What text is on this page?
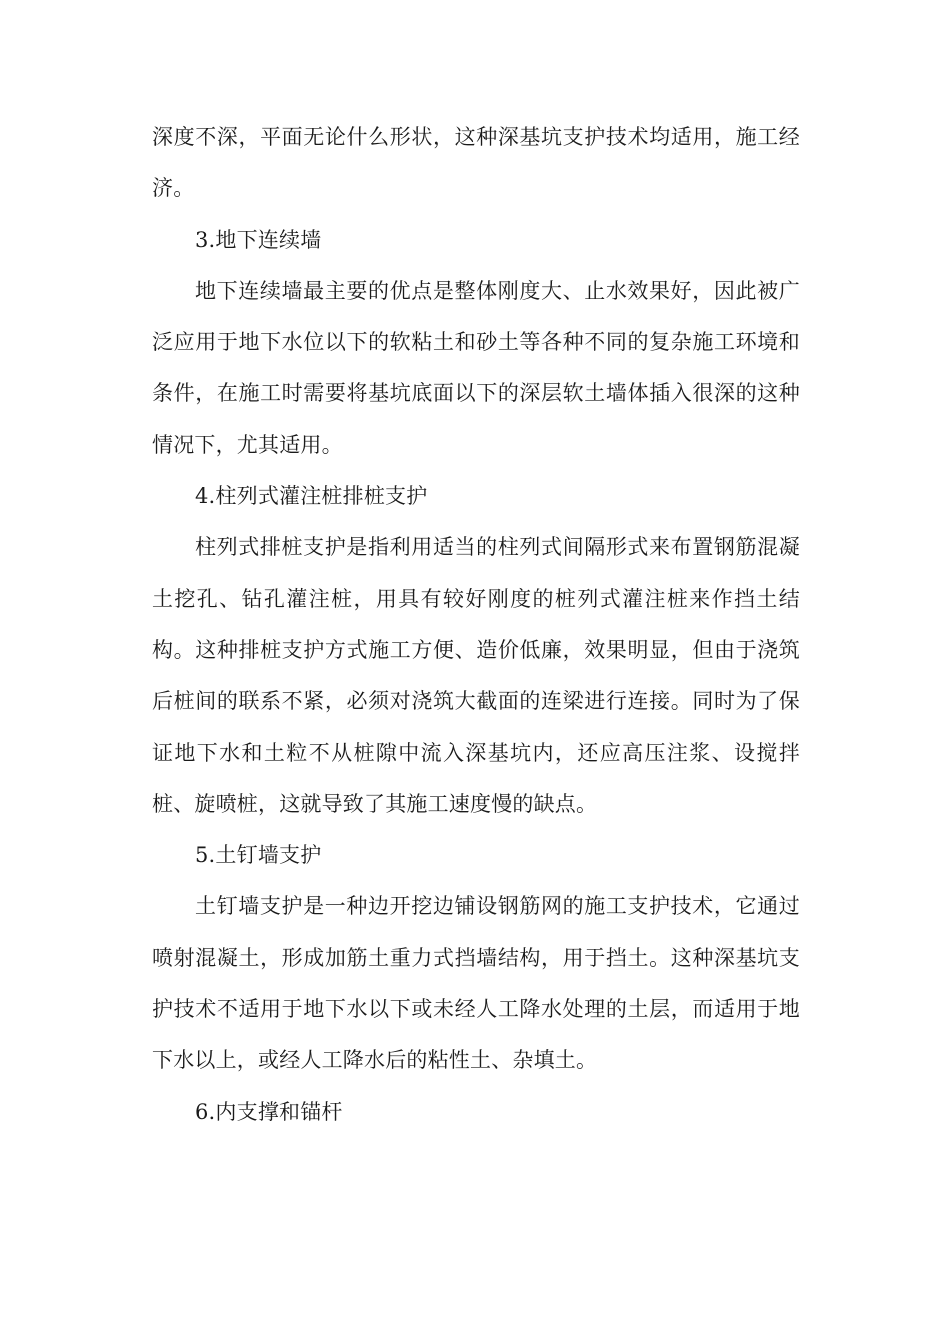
深度不深，平面无论什么形状，这种深基坑支护技术均适用，施工经济。

3.地下连续墙

地下连续墙最主要的优点是整体刚度大、止水效果好，因此被广泛应用于地下水位以下的软粘土和砂土等各种不同的复杂施工环境和条件，在施工时需要将基坑底面以下的深层软土墙体插入很深的这种情况下，尤其适用。

4.柱列式灌注桩排桩支护

柱列式排桩支护是指利用适当的柱列式间隔形式来布置钢筋混凝土挖孔、钻孔灌注桩，用具有较好刚度的桩列式灌注桩来作挡土结构。这种排桩支护方式施工方便、造价低廉，效果明显，但由于浇筑后桩间的联系不紧，必须对浇筑大截面的连梁进行连接。同时为了保证地下水和土粒不从桩隙中流入深基坑内，还应高压注浆、设搅拌桩、旋喷桩，这就导致了其施工速度慢的缺点。

5.土钉墙支护

土钉墙支护是一种边开挖边铺设钢筋网的施工支护技术，它通过喷射混凝土，形成加筋土重力式挡墙结构，用于挡土。这种深基坑支护技术不适用于地下水以下或未经人工降水处理的土层，而适用于地下水以上，或经人工降水后的粘性土、杂填土。

6.内支撑和锚杆
